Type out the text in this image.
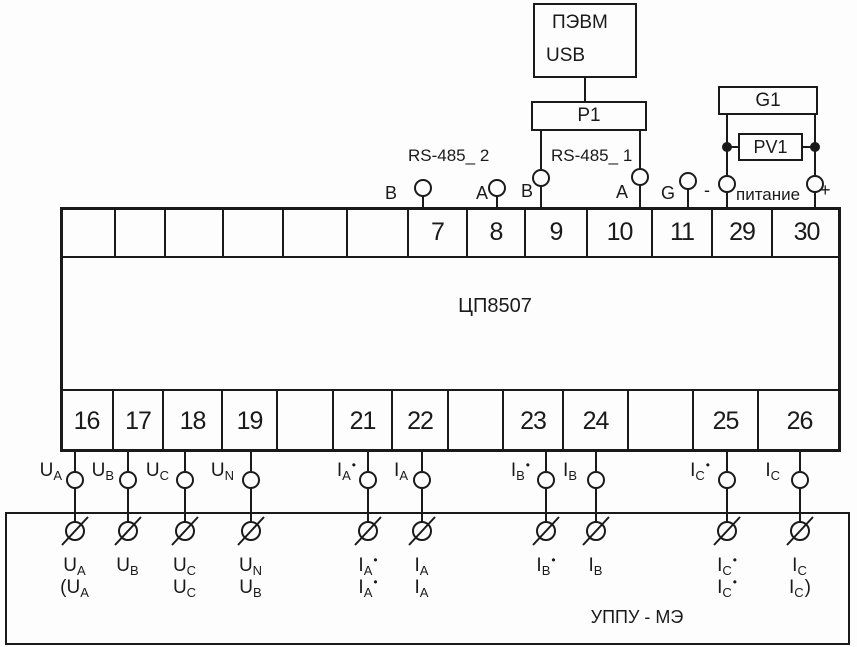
ПЭВМ
USB
P1
G1
PV1
RS-485_ 2	RS-485_ 1
B	A	B	A	G - питание +
7	8	9	10	11	29	30
ЦП8507
16	17	18	19	21	22	23	24	25	26
$U_A$	$U_B$	$U_C$	$U_N$	$I_A^•$	$I_A$	$I_B^•$	$I_B$	$I_C^•$	$I_C$
$U_A$	$U_B$	$U_C$	$U_N$	$I_A^•$	$I_A$	$I_B^•$	$I_B$	$I_C^•$	$I_C$
($U_A$	$U_C$	$U_B$	$I_A^•$	$I_A$	$I_C^•$	$I_C$)
УППУ - МЭ
